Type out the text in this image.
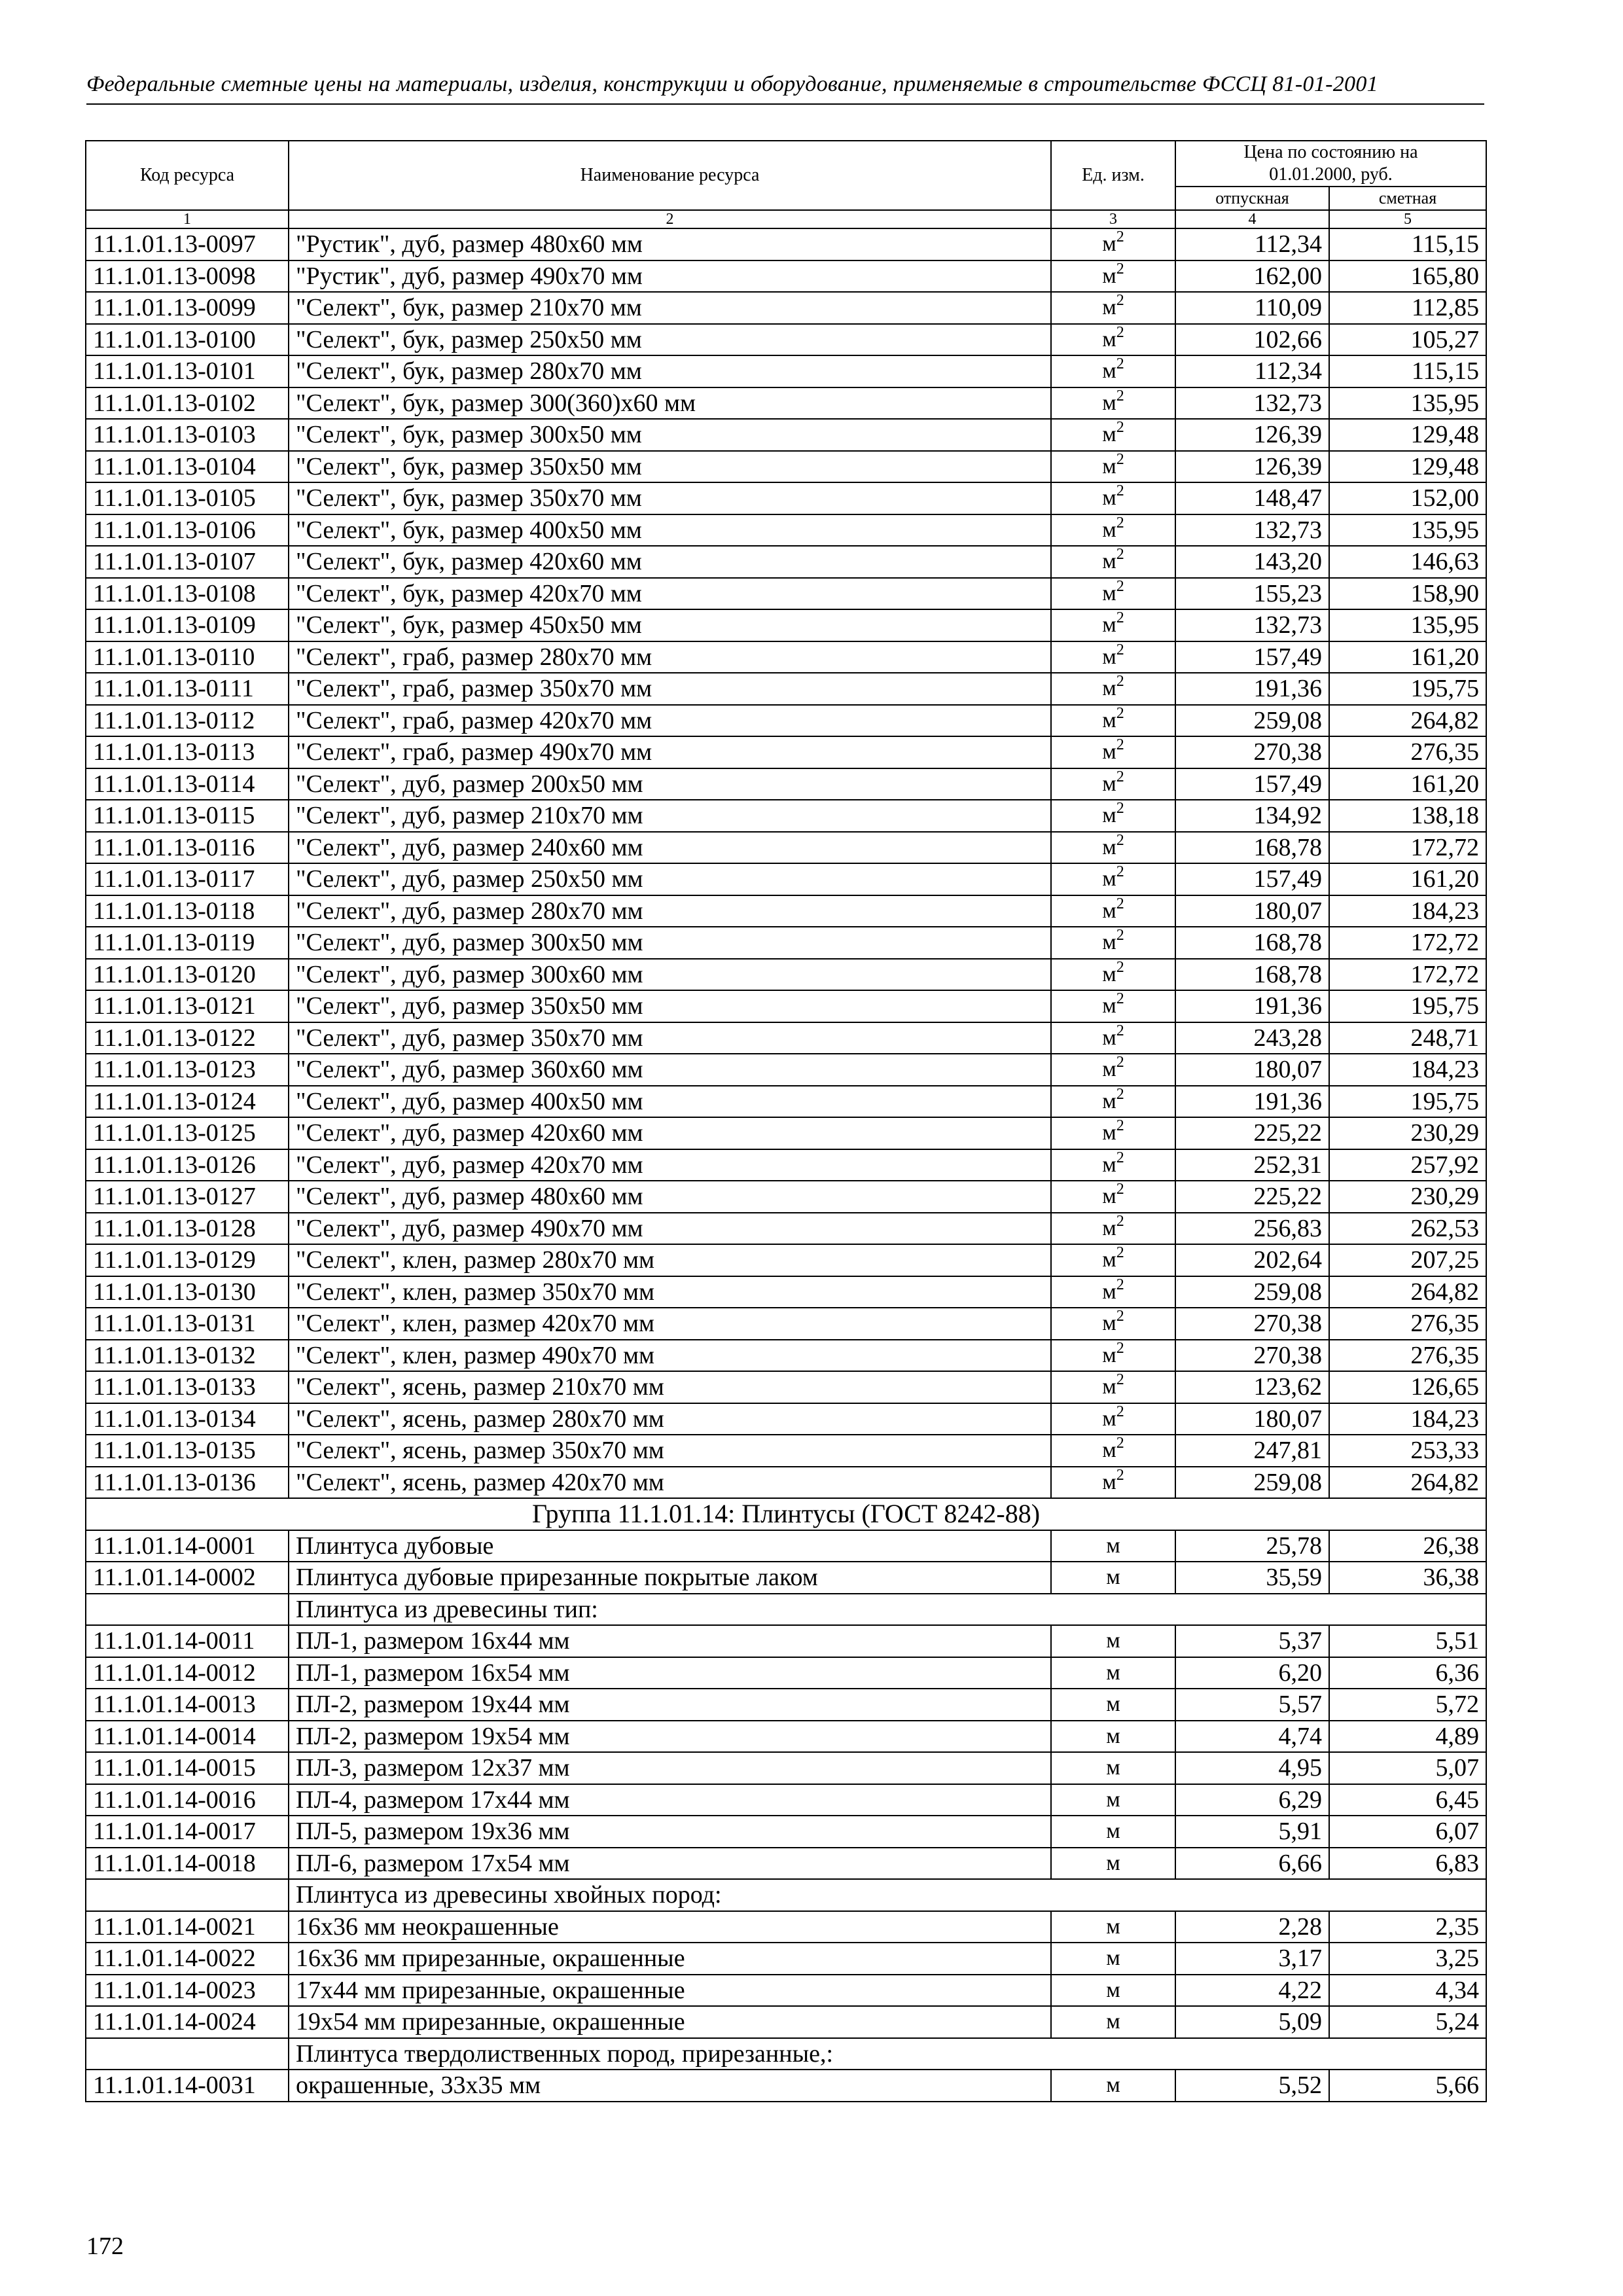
Федеральные сметные цены на материалы, изделия, конструкции и оборудование, применяемые в строительстве ФССЦ 81-01-2001
Код ресурса	Наименование ресурса	Ед. изм.	Цена по состоянию на
01.01.2000, руб.	
			отпускная	сметная
1	2	3	4	5
11.1.01.13-0097	"Рустик", дуб, размер 480х60 мм	$м^2$	112,34	115,15
11.1.01.13-0098	"Рустик", дуб, размер 490х70 мм	$м^2$	162,00	165,80
11.1.01.13-0099	"Селект", бук, размер 210х70 мм	$м^2$	110,09	112,85
11.1.01.13-0100	"Селект", бук, размер 250х50 мм	$м^2$	102,66	105,27
11.1.01.13-0101	"Селект", бук, размер 280х70 мм	$м^2$	112,34	115,15
11.1.01.13-0102	"Селект", бук, размер 300(360)х60 мм	$м^2$	132,73	135,95
11.1.01.13-0103	"Селект", бук, размер 300х50 мм	$м^2$	126,39	129,48
11.1.01.13-0104	"Селект", бук, размер 350х50 мм	$м^2$	126,39	129,48
11.1.01.13-0105	"Селект", бук, размер 350х70 мм	$м^2$	148,47	152,00
11.1.01.13-0106	"Селект", бук, размер 400х50 мм	$м^2$	132,73	135,95
11.1.01.13-0107	"Селект", бук, размер 420х60 мм	$м^2$	143,20	146,63
11.1.01.13-0108	"Селект", бук, размер 420х70 мм	$м^2$	155,23	158,90
11.1.01.13-0109	"Селект", бук, размер 450х50 мм	$м^2$	132,73	135,95
11.1.01.13-0110	"Селект", граб, размер 280х70 мм	$м^2$	157,49	161,20
11.1.01.13-0111	"Селект", граб, размер 350х70 мм	$м^2$	191,36	195,75
11.1.01.13-0112	"Селект", граб, размер 420х70 мм	$м^2$	259,08	264,82
11.1.01.13-0113	"Селект", граб, размер 490х70 мм	$м^2$	270,38	276,35
11.1.01.13-0114	"Селект", дуб, размер 200х50 мм	$м^2$	157,49	161,20
11.1.01.13-0115	"Селект", дуб, размер 210х70 мм	$м^2$	134,92	138,18
11.1.01.13-0116	"Селект", дуб, размер 240х60 мм	$м^2$	168,78	172,72
11.1.01.13-0117	"Селект", дуб, размер 250х50 мм	$м^2$	157,49	161,20
11.1.01.13-0118	"Селект", дуб, размер 280х70 мм	$м^2$	180,07	184,23
11.1.01.13-0119	"Селект", дуб, размер 300х50 мм	$м^2$	168,78	172,72
11.1.01.13-0120	"Селект", дуб, размер 300х60 мм	$м^2$	168,78	172,72
11.1.01.13-0121	"Селект", дуб, размер 350х50 мм	$м^2$	191,36	195,75
11.1.01.13-0122	"Селект", дуб, размер 350х70 мм	$м^2$	243,28	248,71
11.1.01.13-0123	"Селект", дуб, размер 360х60 мм	$м^2$	180,07	184,23
11.1.01.13-0124	"Селект", дуб, размер 400х50 мм	$м^2$	191,36	195,75
11.1.01.13-0125	"Селект", дуб, размер 420х60 мм	$м^2$	225,22	230,29
11.1.01.13-0126	"Селект", дуб, размер 420х70 мм	$м^2$	252,31	257,92
11.1.01.13-0127	"Селект", дуб, размер 480х60 мм	$м^2$	225,22	230,29
11.1.01.13-0128	"Селект", дуб, размер 490х70 мм	$м^2$	256,83	262,53
11.1.01.13-0129	"Селект", клен, размер 280х70 мм	$м^2$	202,64	207,25
11.1.01.13-0130	"Селект", клен, размер 350х70 мм	$м^2$	259,08	264,82
11.1.01.13-0131	"Селект", клен, размер 420х70 мм	$м^2$	270,38	276,35
11.1.01.13-0132	"Селект", клен, размер 490х70 мм	$м^2$	270,38	276,35
11.1.01.13-0133	"Селект", ясень, размер 210х70 мм	$м^2$	123,62	126,65
11.1.01.13-0134	"Селект", ясень, размер 280х70 мм	$м^2$	180,07	184,23
11.1.01.13-0135	"Селект", ясень, размер 350х70 мм	$м^2$	247,81	253,33
11.1.01.13-0136	"Селект", ясень, размер 420х70 мм	$м^2$	259,08	264,82
Группа 11.1.01.14: Плинтусы (ГОСТ 8242-88)				
11.1.01.14-0001	Плинтуса дубовые	м	25,78	26,38
11.1.01.14-0002	Плинтуса дубовые прирезанные покрытые лаком	м	35,59	36,38
	Плинтуса из древесины тип:			
11.1.01.14-0011	ПЛ-1, размером 16х44 мм	м	5,37	5,51
11.1.01.14-0012	ПЛ-1, размером 16х54 мм	м	6,20	6,36
11.1.01.14-0013	ПЛ-2, размером 19х44 мм	м	5,57	5,72
11.1.01.14-0014	ПЛ-2, размером 19х54 мм	м	4,74	4,89
11.1.01.14-0015	ПЛ-3, размером 12х37 мм	м	4,95	5,07
11.1.01.14-0016	ПЛ-4, размером 17х44 мм	м	6,29	6,45
11.1.01.14-0017	ПЛ-5, размером 19х36 мм	м	5,91	6,07
11.1.01.14-0018	ПЛ-6, размером 17х54 мм	м	6,66	6,83
	Плинтуса из древесины хвойных пород:			
11.1.01.14-0021	16х36 мм неокрашенные	м	2,28	2,35
11.1.01.14-0022	16х36 мм прирезанные, окрашенные	м	3,17	3,25
11.1.01.14-0023	17х44 мм прирезанные, окрашенные	м	4,22	4,34
11.1.01.14-0024	19х54 мм прирезанные, окрашенные	м	5,09	5,24
	Плинтуса твердолиственных пород, прирезанные,:			
11.1.01.14-0031	окрашенные, 33х35 мм	м	5,52	5,66
172
